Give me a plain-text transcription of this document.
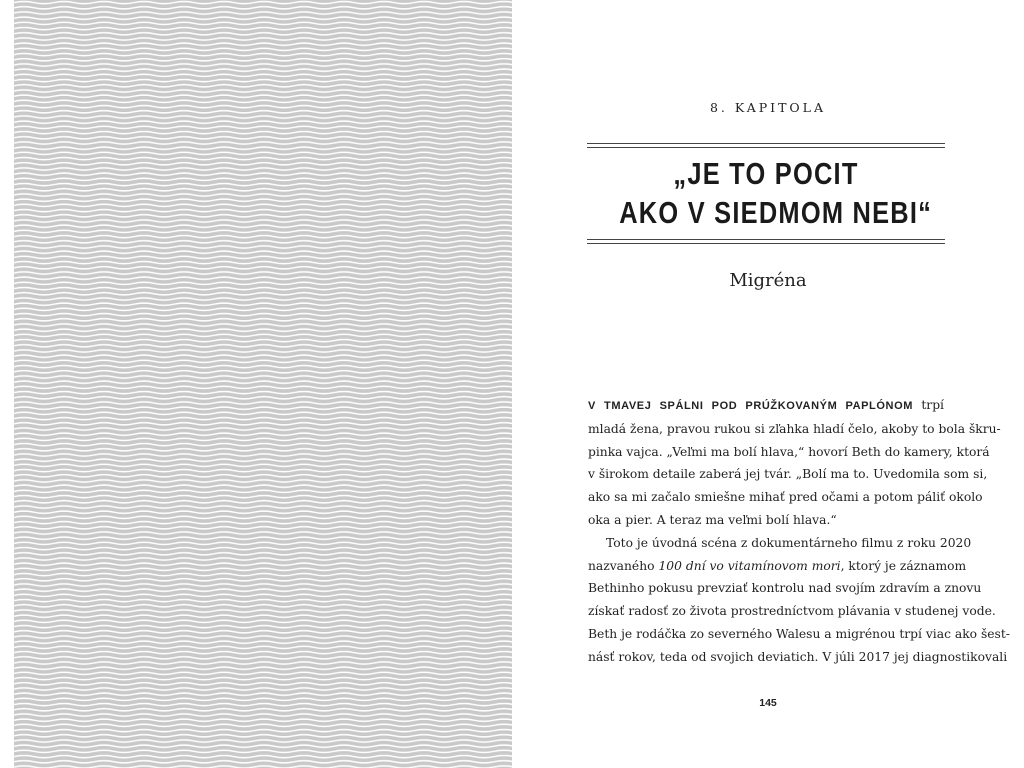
8. KAPITOLA
„JE TO POCIT
AKO V SIEDMOM NEBI“
Migréna
V TMAVEJ SPÁLNI POD PRÚŽKOVANÝM PAPLÓNOM trpí
mladá žena, pravou rukou si zľahka hladí čelo, akoby to bola škru-
pinka vajca. „Veľmi ma bolí hlava,“ hovorí Beth do kamery, ktorá
v širokom detaile zaberá jej tvár. „Bolí ma to. Uvedomila som si,
ako sa mi začalo smiešne mihať pred očami a potom páliť okolo
oka a pier. A teraz ma veľmi bolí hlava.“
Toto je úvodná scéna z dokumentárneho filmu z roku 2020
nazvaného 100 dní vo vitamínovom mori, ktorý je záznamom
Bethinho pokusu prevziať kontrolu nad svojím zdravím a znovu
získať radosť zo života prostredníctvom plávania v studenej vode.
Beth je rodáčka zo severného Walesu a migrénou trpí viac ako šest-
násť rokov, teda od svojich deviatich. V júli 2017 jej diagnostikovali
145
